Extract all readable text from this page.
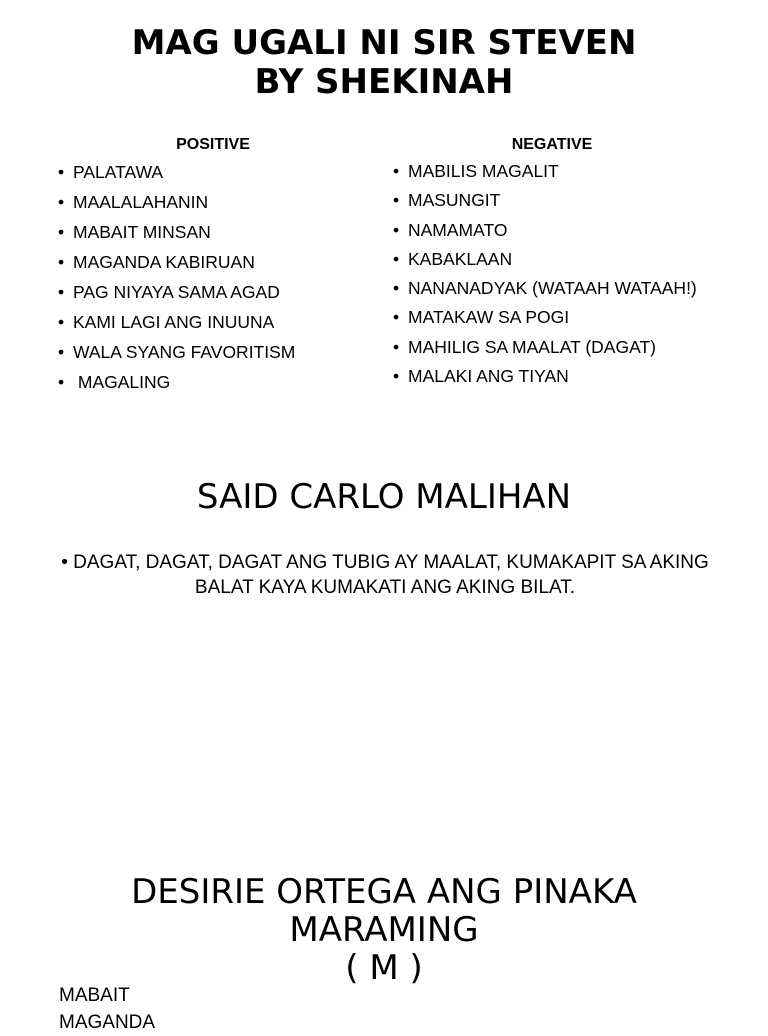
MAG UGALI NI SIR STEVEN
BY SHEKINAH
POSITIVE	NEGATIVE
• PALATAWA
• MAALALAHANIN
• MABAIT MINSAN
• MAGANDA KABIRUAN
• PAG NIYAYA SAMA AGAD
• KAMI LAGI ANG INUUNA
• WALA SYANG FAVORITISM
•  MAGALING
• MABILIS MAGALIT
• MASUNGIT
• NAMAMATO
• KABAKLAAN
• NANANADYAK (WATAAH WATAAH!)
• MATAKAW SA POGI
• MAHILIG SA MAALAT (DAGAT)
• MALAKI ANG TIYAN
SAID CARLO MALIHAN
• DAGAT, DAGAT, DAGAT ANG TUBIG AY MAALAT, KUMAKAPIT SA AKING
BALAT KAYA KUMAKATI ANG AKING BILAT.
DESIRIE ORTEGA ANG PINAKA
MARAMING
( M )
MABAIT
MAGANDA
